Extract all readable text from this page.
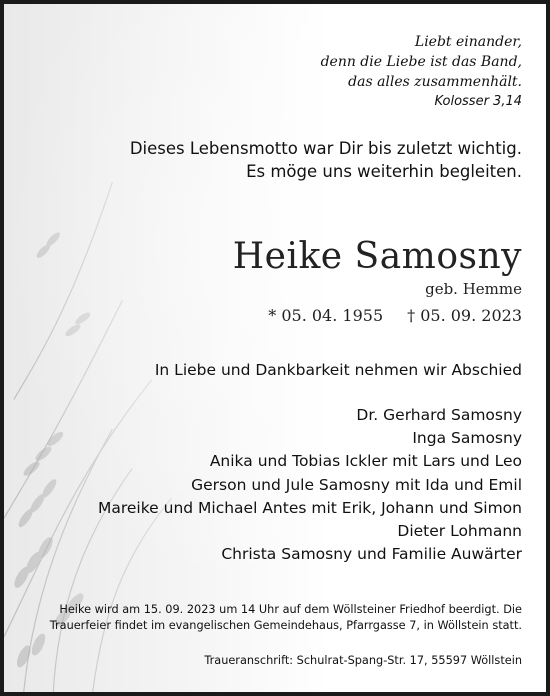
Liebt einander,
denn die Liebe ist das Band,
das alles zusammenhält.
Kolosser 3,14
Dieses Lebensmotto war Dir bis zuletzt wichtig.
Es möge uns weiterhin begleiten.
Heike Samosny
geb. Hemme
* 05. 04. 1955 † 05. 09. 2023
In Liebe und Dankbarkeit nehmen wir Abschied
Dr. Gerhard Samosny
Inga Samosny
Anika und Tobias Ickler mit Lars und Leo
Gerson und Jule Samosny mit Ida und Emil
Mareike und Michael Antes mit Erik, Johann und Simon
Dieter Lohmann
Christa Samosny und Familie Auwärter
Heike wird am 15. 09. 2023 um 14 Uhr auf dem Wöllsteiner Friedhof beerdigt. Die
Trauerfeier findet im evangelischen Gemeindehaus, Pfarrgasse 7, in Wöllstein statt.
Traueranschrift: Schulrat-Spang-Str. 17, 55597 Wöllstein
